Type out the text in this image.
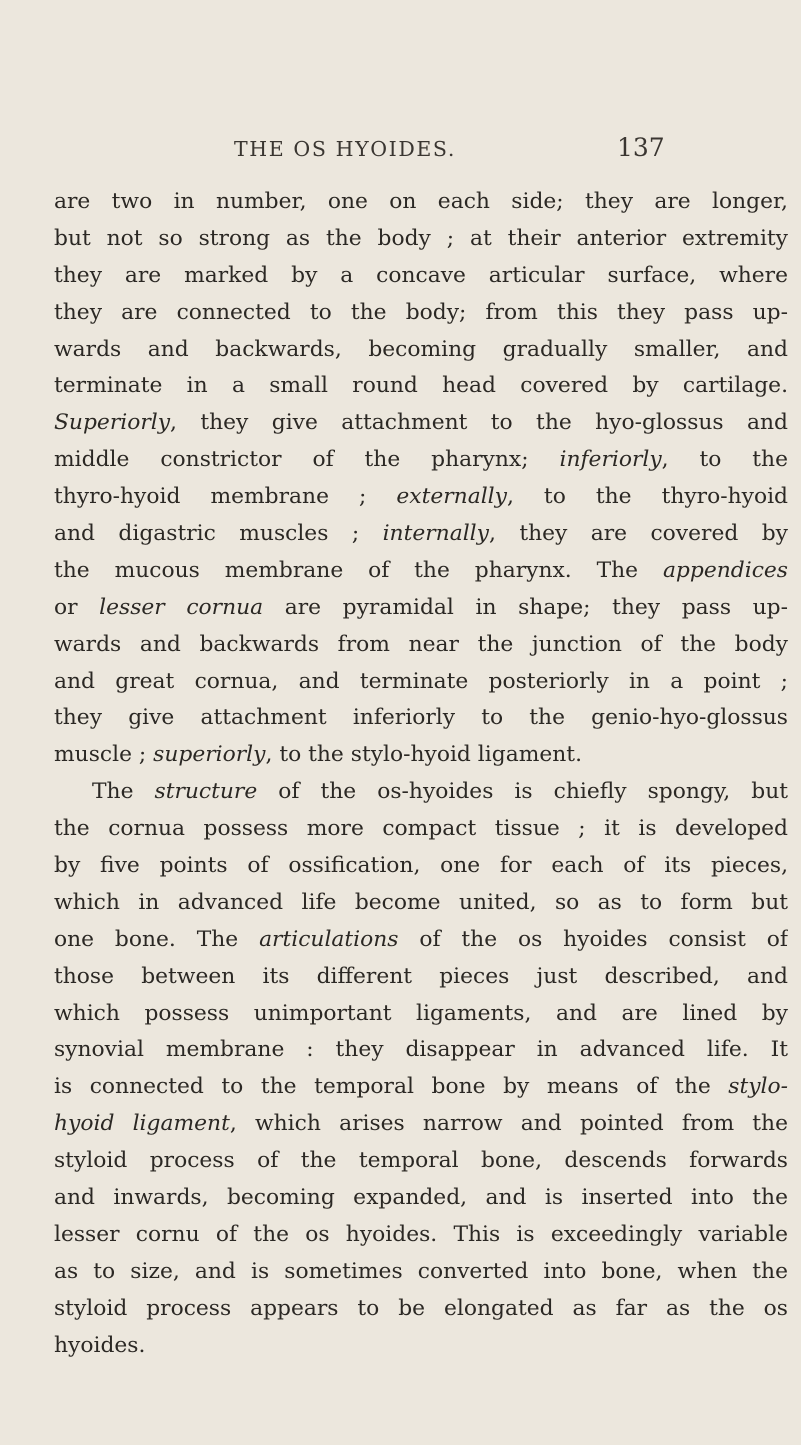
THE OS HYOIDES.	137
are two in number, one on each side; they are longer,
but not so strong as the body ; at their anterior extremity
they are marked by a concave articular surface, where
they are connected to the body; from this they pass up-
wards and backwards, becoming gradually smaller, and
terminate in a small round head covered by cartilage.
Superiorly, they give attachment to the hyo-glossus and
middle constrictor of the pharynx; inferiorly, to the
thyro-hyoid membrane ; externally, to the thyro-hyoid
and digastric muscles ; internally, they are covered by
the mucous membrane of the pharynx. The appendices
or lesser cornua are pyramidal in shape; they pass up-
wards and backwards from near the junction of the body
and great cornua, and terminate posteriorly in a point ;
they give attachment inferiorly to the genio-hyo-glossus
muscle ; superiorly, to the stylo-hyoid ligament.
The structure of the os-hyoides is chiefly spongy, but
the cornua possess more compact tissue ; it is developed
by five points of ossification, one for each of its pieces,
which in advanced life become united, so as to form but
one bone. The articulations of the os hyoides consist of
those between its different pieces just described, and
which possess unimportant ligaments, and are lined by
synovial membrane : they disappear in advanced life. It
is connected to the temporal bone by means of the stylo-
hyoid ligament, which arises narrow and pointed from the
styloid process of the temporal bone, descends forwards
and inwards, becoming expanded, and is inserted into the
lesser cornu of the os hyoides. This is exceedingly variable
as to size, and is sometimes converted into bone, when the
styloid process appears to be elongated as far as the os
hyoides.
